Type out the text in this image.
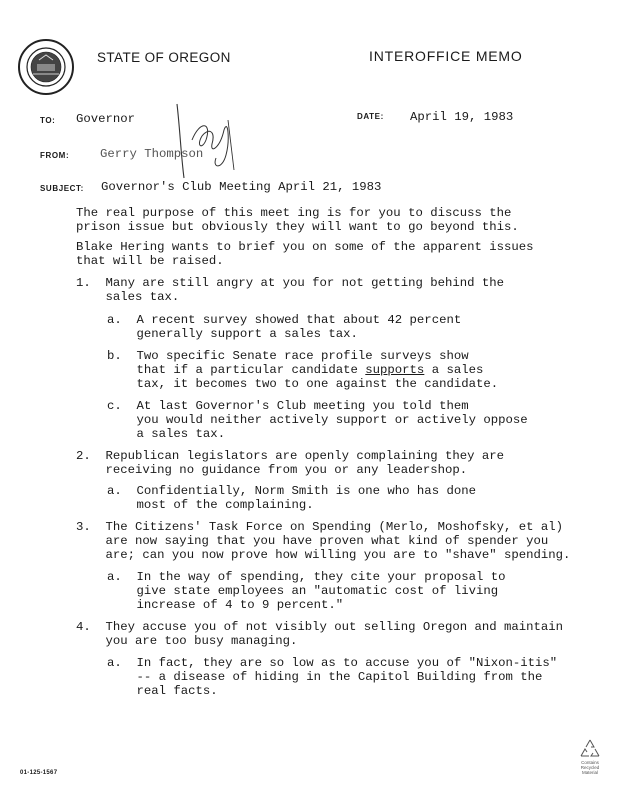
STATE OF OREGON	INTEROFFICE MEMO
TO: Governor	DATE: April 19, 1983
FROM:	Gerry Thompson
SUBJECT: Governor's Club Meeting April 21, 1983
The real purpose of this meet ing is for you to discuss the
prison issue but obviously they will want to go beyond this.
Blake Hering wants to brief you on some of the apparent issues
that will be raised.
1.  Many are still angry at you for not getting behind the
sales tax.
a.  A recent survey showed that about 42 percent
generally support a sales tax.
b.  Two specific Senate race profile surveys show
that if a particular candidate supports a sales
tax, it becomes two to one against the candidate.
c.  At last Governor's Club meeting you told them
you would neither actively support or actively oppose
a sales tax.
2.  Republican legislators are openly complaining they are
receiving no guidance from you or any leadershop.
a.  Confidentially, Norm Smith is one who has done
most of the complaining.
3.  The Citizens' Task Force on Spending (Merlo, Moshofsky, et al)
are now saying that you have proven what kind of spender you
are; can you now prove how willing you are to "shave" spending.
a.  In the way of spending, they cite your proposal to
give state employees an "automatic cost of living
increase of 4 to 9 percent."
4.  They accuse you of not visibly out selling Oregon and maintain
you are too busy managing.
a.  In fact, they are so low as to accuse you of "Nixon-itis"
-- a disease of hiding in the Capitol Building from the
real facts.
01-125-1567
Contains
Recycled
Material
